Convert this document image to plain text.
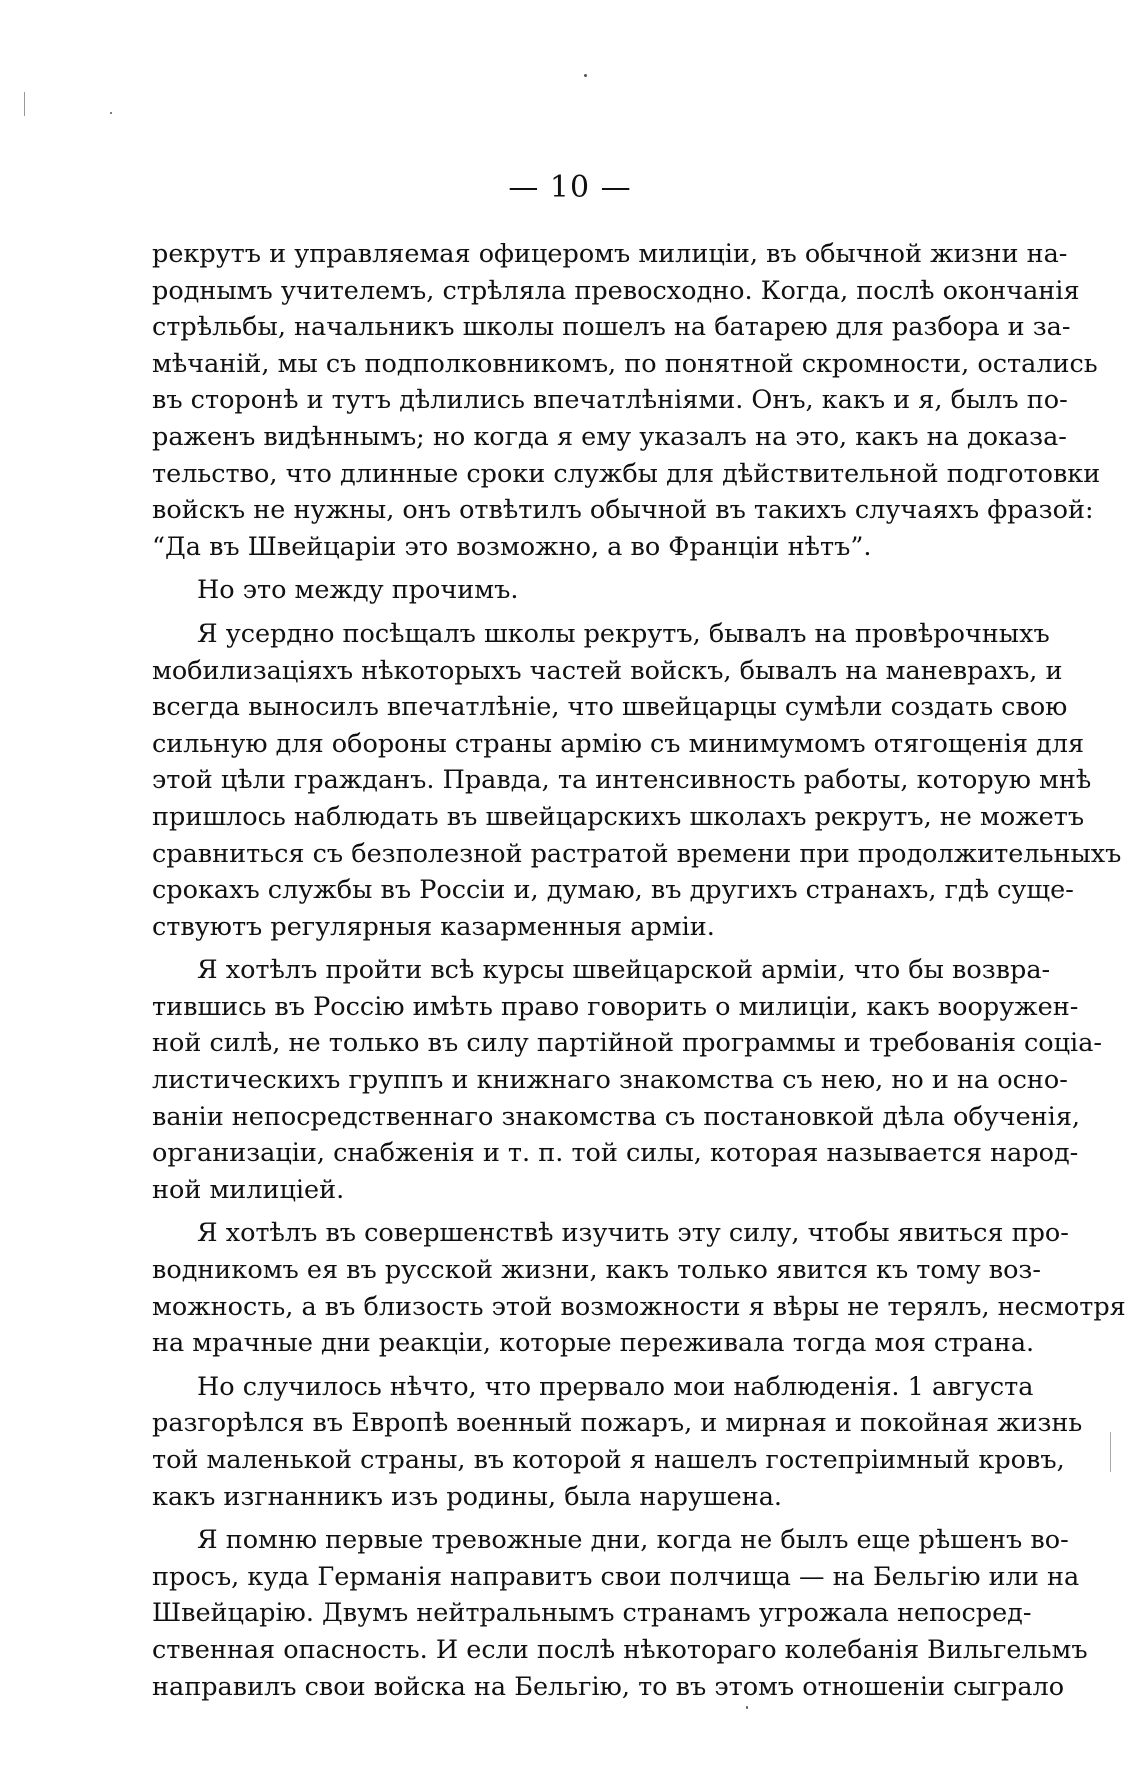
— 10 —
рекрутъ и управляемая офицеромъ милиціи, въ обычной жизни на-
роднымъ учителемъ, стрѣляла превосходно. Когда, послѣ окончанія
стрѣльбы, начальникъ школы пошелъ на батарею для разбора и за-
мѣчаній, мы съ подполковникомъ, по понятной скромности, остались
въ сторонѣ и тутъ дѣлились впечатлѣніями. Онъ, какъ и я, былъ по-
раженъ видѣннымъ; но когда я ему указалъ на это, какъ на доказа-
тельство, что длинные сроки службы для дѣйствительной подготовки
войскъ не нужны, онъ отвѣтилъ обычной въ такихъ случаяхъ фразой:
“Да въ Швейцаріи это возможно, а во Франціи нѣтъ”.
Но это между прочимъ.
Я усердно посѣщалъ школы рекрутъ, бывалъ на провѣрочныхъ
мобилизаціяхъ нѣкоторыхъ частей войскъ, бывалъ на маневрахъ, и
всегда выносилъ впечатлѣніе, что швейцарцы сумѣли создать свою
сильную для обороны страны армію съ минимумомъ отягощенія для
этой цѣли гражданъ. Правда, та интенсивность работы, которую мнѣ
пришлось наблюдать въ швейцарскихъ школахъ рекрутъ, не можетъ
сравниться съ безполезной растратой времени при продолжительныхъ
срокахъ службы въ Россіи и, думаю, въ другихъ странахъ, гдѣ суще-
ствуютъ регулярныя казарменныя арміи.
Я хотѣлъ пройти всѣ курсы швейцарской арміи, что бы возвра-
тившись въ Россію имѣть право говорить о милиціи, какъ вооружен-
ной силѣ, не только въ силу партійной программы и требованія соціа-
листическихъ группъ и книжнаго знакомства съ нею, но и на осно-
ваніи непосредственнаго знакомства съ постановкой дѣла обученія,
организаціи, снабженія и т. п. той силы, которая называется народ-
ной милиціей.
Я хотѣлъ въ совершенствѣ изучить эту силу, чтобы явиться про-
водникомъ ея въ русской жизни, какъ только явится къ тому воз-
можность, а въ близость этой возможности я вѣры не терялъ, несмотря
на мрачные дни реакціи, которые переживала тогда моя страна.
Но случилось нѣчто, что прервало мои наблюденія. 1 августа
разгорѣлся въ Европѣ военный пожаръ, и мирная и покойная жизнь
той маленькой страны, въ которой я нашелъ гостепріимный кровъ,
какъ изгнанникъ изъ родины, была нарушена.
Я помню первые тревожные дни, когда не былъ еще рѣшенъ во-
просъ, куда Германія направитъ свои полчища — на Бельгію или на
Швейцарію. Двумъ нейтральнымъ странамъ угрожала непосред-
ственная опасность. И если послѣ нѣкотораго колебанія Вильгельмъ
направилъ свои войска на Бельгію, то въ этомъ отношеніи сыграло
